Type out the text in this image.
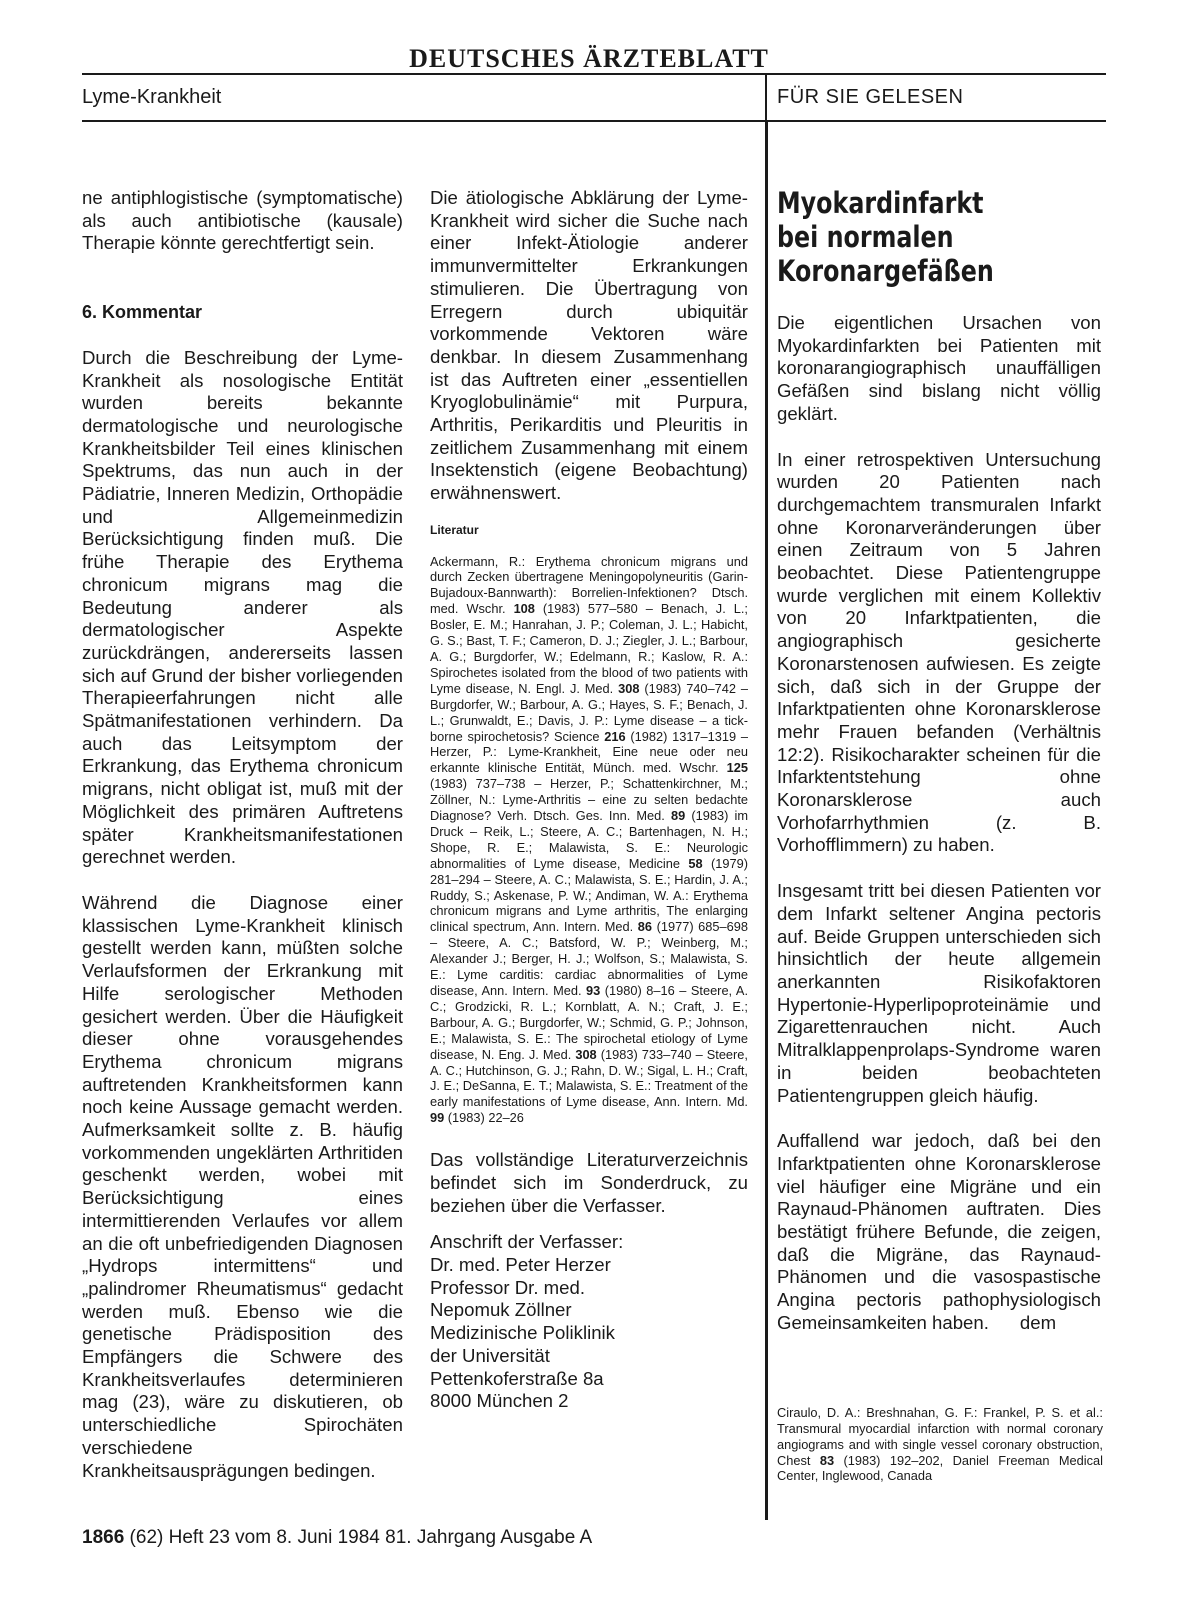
DEUTSCHES ÄRZTEBLATT
Lyme-Krankheit	FÜR SIE GELESEN

ne antiphlogistische (symptomatische) als auch antibiotische (kausale) Therapie könnte gerechtfertigt sein.

6. Kommentar

Durch die Beschreibung der Lyme-Krankheit als nosologische Entität wurden bereits bekannte dermatologische und neurologische Krankheitsbilder Teil eines klinischen Spektrums, das nun auch in der Pädiatrie, Inneren Medizin, Orthopädie und Allgemeinmedizin Berücksichtigung finden muß. Die frühe Therapie des Erythema chronicum migrans mag die Bedeutung anderer als dermatologischer Aspekte zurückdrängen, andererseits lassen sich auf Grund der bisher vorliegenden Therapieerfahrungen nicht alle Spätmanifestationen verhindern. Da auch das Leitsymptom der Erkrankung, das Erythema chronicum migrans, nicht obligat ist, muß mit der Möglichkeit des primären Auftretens später Krankheitsmanifestationen gerechnet werden.

Während die Diagnose einer klassischen Lyme-Krankheit klinisch gestellt werden kann, müßten solche Verlaufsformen der Erkrankung mit Hilfe serologischer Methoden gesichert werden. Über die Häufigkeit dieser ohne vorausgehendes Erythema chronicum migrans auftretenden Krankheitsformen kann noch keine Aussage gemacht werden. Aufmerksamkeit sollte z. B. häufig vorkommenden ungeklärten Arthritiden geschenkt werden, wobei mit Berücksichtigung eines intermittierenden Verlaufes vor allem an die oft unbefriedigenden Diagnosen „Hydrops intermittens“ und „palindromer Rheumatismus“ gedacht werden muß. Ebenso wie die genetische Prädisposition des Empfängers die Schwere des Krankheitsverlaufes determinieren mag (23), wäre zu diskutieren, ob unterschiedliche Spirochäten verschiedene Krankheitsausprägungen bedingen.

Die ätiologische Abklärung der Lyme-Krankheit wird sicher die Suche nach einer Infekt-Ätiologie anderer immunvermittelter Erkrankungen stimulieren. Die Übertragung von Erregern durch ubiquitär vorkommende Vektoren wäre denkbar. In diesem Zusammenhang ist das Auftreten einer „essentiellen Kryoglobulinämie“ mit Purpura, Arthritis, Perikarditis und Pleuritis in zeitlichem Zusammenhang mit einem Insektenstich (eigene Beobachtung) erwähnenswert.

Literatur

Ackermann, R.: Erythema chronicum migrans und durch Zecken übertragene Meningopolyneuritis (Garin-Bujadoux-Bannwarth): Borrelien-Infektionen? Dtsch. med. Wschr. 108 (1983) 577–580 – Benach, J. L.; Bosler, E. M.; Hanrahan, J. P.; Coleman, J. L.; Habicht, G. S.; Bast, T. F.; Cameron, D. J.; Ziegler, J. L.; Barbour, A. G.; Burgdorfer, W.; Edelmann, R.; Kaslow, R. A.: Spirochetes isolated from the blood of two patients with Lyme disease, N. Engl. J. Med. 308 (1983) 740–742 – Burgdorfer, W.; Barbour, A. G.; Hayes, S. F.; Benach, J. L.; Grunwaldt, E.; Davis, J. P.: Lyme disease – a tick-borne spirochetosis? Science 216 (1982) 1317–1319 – Herzer, P.: Lyme-Krankheit, Eine neue oder neu erkannte klinische Entität, Münch. med. Wschr. 125 (1983) 737–738 – Herzer, P.; Schattenkirchner, M.; Zöllner, N.: Lyme-Arthritis – eine zu selten bedachte Diagnose? Verh. Dtsch. Ges. Inn. Med. 89 (1983) im Druck – Reik, L.; Steere, A. C.; Bartenhagen, N. H.; Shope, R. E.; Malawista, S. E.: Neurologic abnormalities of Lyme disease, Medicine 58 (1979) 281–294 – Steere, A. C.; Malawista, S. E.; Hardin, J. A.; Ruddy, S.; Askenase, P. W.; Andiman, W. A.: Erythema chronicum migrans and Lyme arthritis, The enlarging clinical spectrum, Ann. Intern. Med. 86 (1977) 685–698 – Steere, A. C.; Batsford, W. P.; Weinberg, M.; Alexander J.; Berger, H. J.; Wolfson, S.; Malawista, S. E.: Lyme carditis: cardiac abnormalities of Lyme disease, Ann. Intern. Med. 93 (1980) 8–16 – Steere, A. C.; Grodzicki, R. L.; Kornblatt, A. N.; Craft, J. E.; Barbour, A. G.; Burgdorfer, W.; Schmid, G. P.; Johnson, E.; Malawista, S. E.: The spirochetal etiology of Lyme disease, N. Eng. J. Med. 308 (1983) 733–740 – Steere, A. C.; Hutchinson, G. J.; Rahn, D. W.; Sigal, L. H.; Craft, J. E.; DeSanna, E. T.; Malawista, S. E.: Treatment of the early manifestations of Lyme disease, Ann. Intern. Md. 99 (1983) 22–26

Das vollständige Literaturverzeichnis befindet sich im Sonderdruck, zu beziehen über die Verfasser.

Anschrift der Verfasser:
Dr. med. Peter Herzer
Professor Dr. med.
Nepomuk Zöllner
Medizinische Poliklinik
der Universität
Pettenkoferstraße 8a
8000 München 2

Myokardinfarkt
bei normalen
Koronargefäßen

Die eigentlichen Ursachen von Myokardinfarkten bei Patienten mit koronarangiographisch unauffälligen Gefäßen sind bislang nicht völlig geklärt.

In einer retrospektiven Untersuchung wurden 20 Patienten nach durchgemachtem transmuralen Infarkt ohne Koronarveränderungen über einen Zeitraum von 5 Jahren beobachtet. Diese Patientengruppe wurde verglichen mit einem Kollektiv von 20 Infarktpatienten, die angiographisch gesicherte Koronarstenosen aufwiesen. Es zeigte sich, daß sich in der Gruppe der Infarktpatienten ohne Koronarsklerose mehr Frauen befanden (Verhältnis 12:2). Risikocharakter scheinen für die Infarktentstehung ohne Koronarsklerose auch Vorhofarrhythmien (z. B. Vorhofflimmern) zu haben.

Insgesamt tritt bei diesen Patienten vor dem Infarkt seltener Angina pectoris auf. Beide Gruppen unterschieden sich hinsichtlich der heute allgemein anerkannten Risikofaktoren Hypertonie-Hyperlipoproteinämie und Zigarettenrauchen nicht. Auch Mitralklappenprolaps-Syndrome waren in beiden beobachteten Patientengruppen gleich häufig.

Auffallend war jedoch, daß bei den Infarktpatienten ohne Koronarsklerose viel häufiger eine Migräne und ein Raynaud-Phänomen auftraten. Dies bestätigt frühere Befunde, die zeigen, daß die Migräne, das Raynaud-Phänomen und die vasospastische Angina pectoris pathophysiologisch Gemeinsamkeiten haben.      dem

Ciraulo, D. A.: Breshnahan, G. F.: Frankel, P. S. et al.: Transmural myocardial infarction with normal coronary angiograms and with single vessel coronary obstruction, Chest 83 (1983) 192–202, Daniel Freeman Medical Center, Inglewood, Canada

1866 (62) Heft 23 vom 8. Juni 1984 81. Jahrgang Ausgabe A
